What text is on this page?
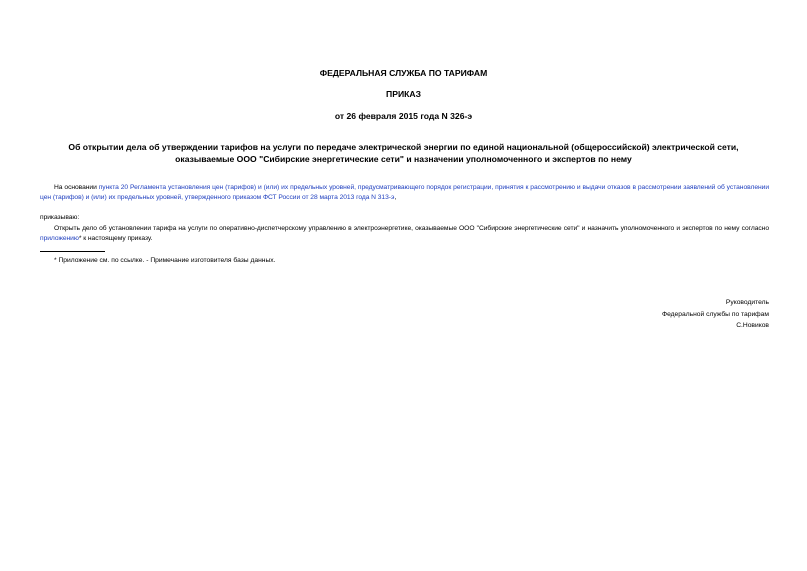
ФЕДЕРАЛЬНАЯ СЛУЖБА ПО ТАРИФАМ
ПРИКАЗ
от 26 февраля 2015 года N 326-э
Об открытии дела об утверждении тарифов на услуги по передаче электрической энергии по единой национальной (общероссийской) электрической сети,
оказываемые ООО "Сибирские энергетические сети" и назначении уполномоченного и экспертов по нему
На основании пункта 20 Регламента установления цен (тарифов) и (или) их предельных уровней, предусматривающего порядок регистрации, принятия к рассмотрению и выдачи отказов в рассмотрении заявлений об установлении цен (тарифов) и (или) их предельных уровней, утвержденного приказом ФСТ России от 28 марта 2013 года N 313-э,
приказываю:
Открыть дело об установлении тарифа на услуги по оперативно-диспетчерскому управлению в электроэнергетике, оказываемые ООО "Сибирские энергетические сети" и назначить уполномоченного и экспертов по нему согласно приложению* к настоящему приказу.
* Приложение см. по ссылке. - Примечание изготовителя базы данных.
Руководитель
Федеральной службы по тарифам
С.Новиков
